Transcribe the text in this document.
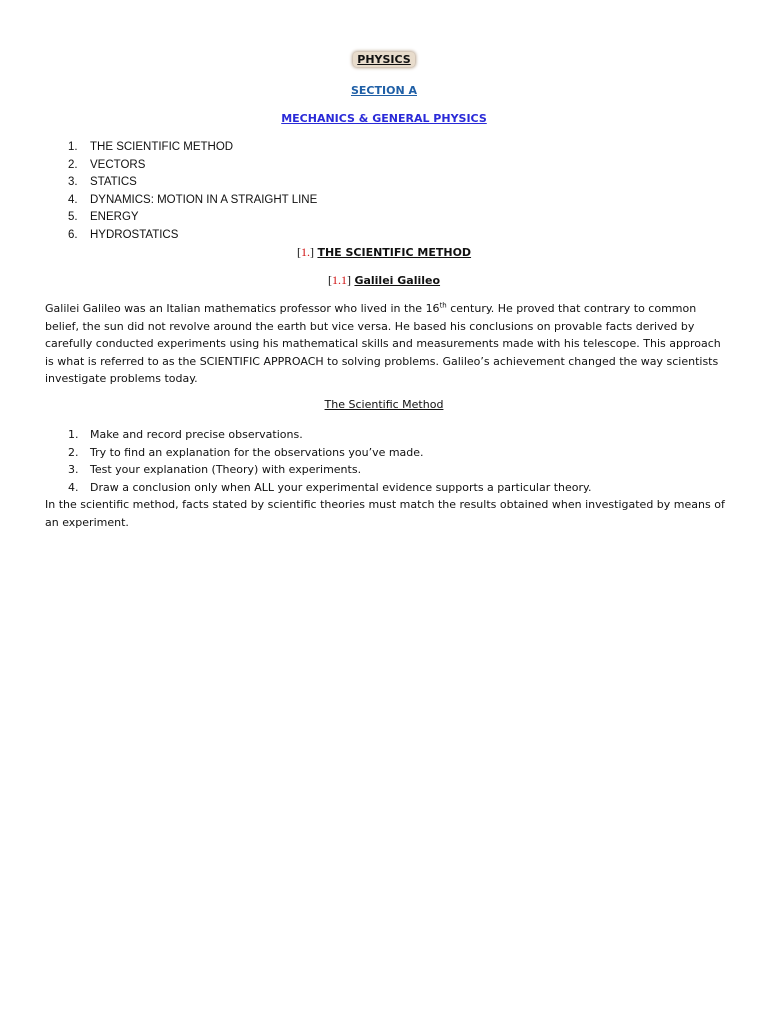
PHYSICS
SECTION A
MECHANICS & GENERAL PHYSICS
1. THE SCIENTIFIC METHOD
2. VECTORS
3. STATICS
4. DYNAMICS: MOTION IN A STRAIGHT LINE
5. ENERGY
6. HYDROSTATICS
[1.] THE SCIENTIFIC METHOD
[1.1] Galilei Galileo

Galilei Galileo was an Italian mathematics professor who lived in the 16th century. He proved that contrary to common belief, the sun did not revolve around the earth but vice versa. He based his conclusions on provable facts derived by carefully conducted experiments using his mathematical skills and measurements made with his telescope. This approach is what is referred to as the SCIENTIFIC APPROACH to solving problems. Galileo’s achievement changed the way scientists investigate problems today.

The Scientific Method
1. Make and record precise observations.
2. Try to find an explanation for the observations you’ve made.
3. Test your explanation (Theory) with experiments.
4. Draw a conclusion only when ALL your experimental evidence supports a particular theory.

In the scientific method, facts stated by scientific theories must match the results obtained when investigated by means of an experiment.
